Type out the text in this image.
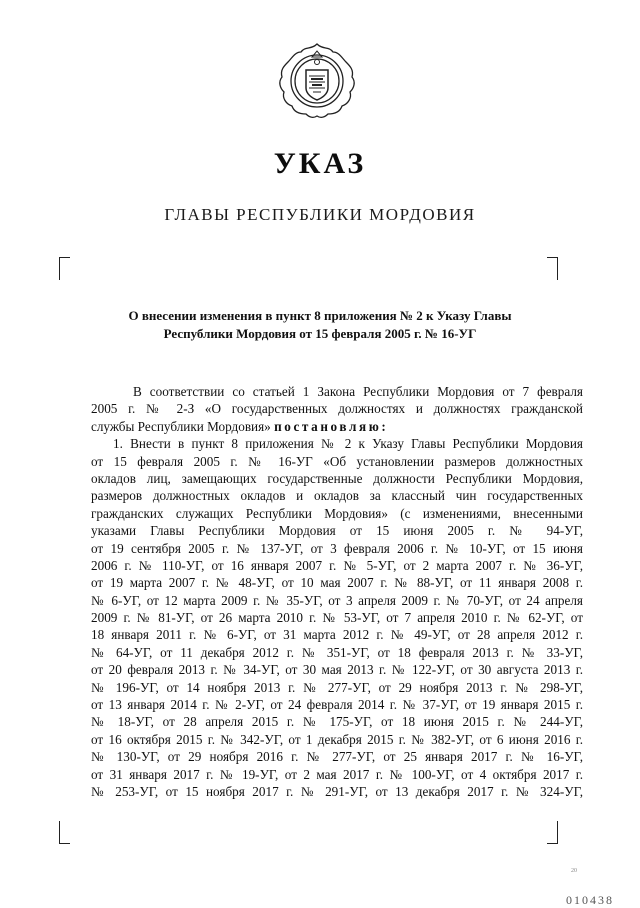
УКАЗ
ГЛАВЫ РЕСПУБЛИКИ МОРДОВИЯ
О внесении изменения в пункт 8 приложения № 2 к Указу Главы
Республики Мордовия от 15 февраля 2005 г. № 16-УГ
В соответствии со статьей 1 Закона Республики Мордовия от 7 февраля
2005 г. № 2-З «О государственных должностях и должностях гражданской
службы Республики Мордовия» постановляю:
1. Внести в пункт 8 приложения № 2 к Указу Главы Республики Мордовия
от 15 февраля 2005 г. № 16-УГ «Об установлении размеров должностных
окладов лиц, замещающих государственные должности Республики Мордовия,
размеров должностных окладов и окладов за классный чин государственных
гражданских служащих Республики Мордовия» (с изменениями, внесенными
указами Главы Республики Мордовия от 15 июня 2005 г. № 94-УГ,
от 19 сентября 2005 г. № 137-УГ, от 3 февраля 2006 г. № 10-УГ, от 15 июня
2006 г. № 110-УГ, от 16 января 2007 г. № 5-УГ, от 2 марта 2007 г. № 36-УГ,
от 19 марта 2007 г. № 48-УГ, от 10 мая 2007 г. № 88-УГ, от 11 января 2008 г.
№ 6-УГ, от 12 марта 2009 г. № 35-УГ, от 3 апреля 2009 г. № 70-УГ, от 24 апреля
2009 г. № 81-УГ, от 26 марта 2010 г. № 53-УГ, от 7 апреля 2010 г. № 62-УГ, от
18 января 2011 г. № 6-УГ, от 31 марта 2012 г. № 49-УГ, от 28 апреля 2012 г.
№ 64-УГ, от 11 декабря 2012 г. № 351-УГ, от 18 февраля 2013 г. № 33-УГ,
от 20 февраля 2013 г. № 34-УГ, от 30 мая 2013 г. № 122-УГ, от 30 августа 2013 г.
№ 196-УГ, от 14 ноября 2013 г. № 277-УГ, от 29 ноября 2013 г. № 298-УГ,
от 13 января 2014 г. № 2-УГ, от 24 февраля 2014 г. № 37-УГ, от 19 января 2015 г.
№ 18-УГ, от 28 апреля 2015 г. № 175-УГ, от 18 июня 2015 г. № 244-УГ,
от 16 октября 2015 г. № 342-УГ, от 1 декабря 2015 г. № 382-УГ, от 6 июня 2016 г.
№ 130-УГ, от 29 ноября 2016 г. № 277-УГ, от 25 января 2017 г. № 16-УГ,
от 31 января 2017 г. № 19-УГ, от 2 мая 2017 г. № 100-УГ, от 4 октября 2017 г.
№ 253-УГ, от 15 ноября 2017 г. № 291-УГ, от 13 декабря 2017 г. № 324-УГ,
20
010438
